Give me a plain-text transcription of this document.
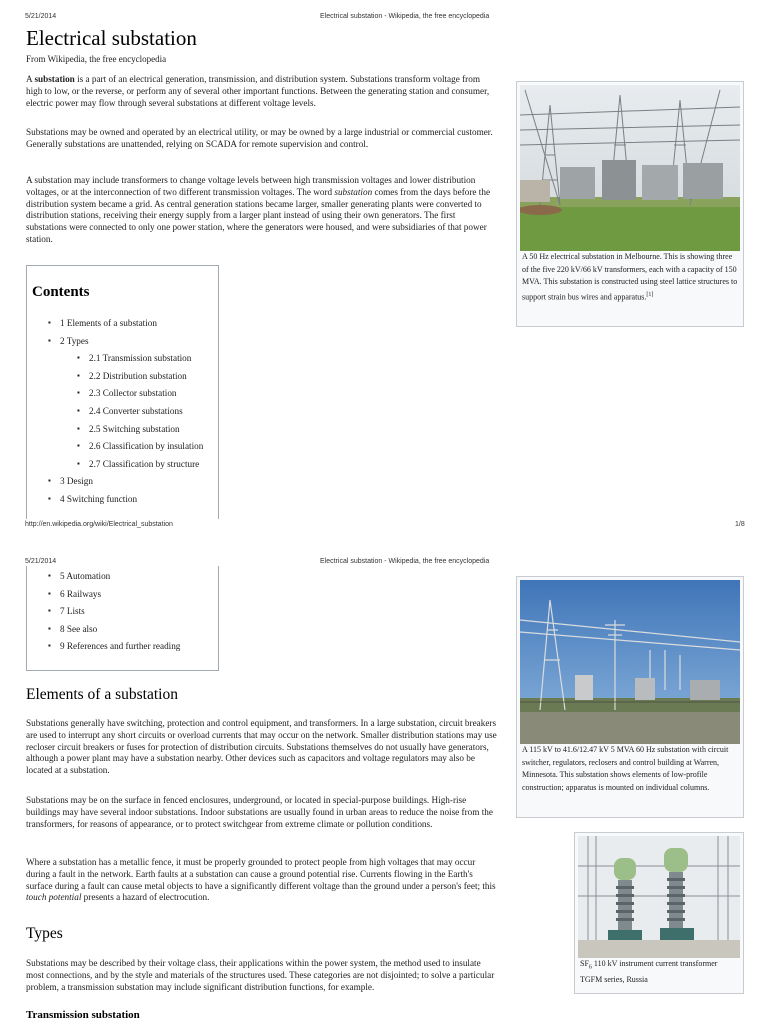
5/21/2014	Electrical substation - Wikipedia, the free encyclopedia
Electrical substation
From Wikipedia, the free encyclopedia

A substation is a part of an electrical generation, transmission, and distribution system. Substations transform voltage from high to low, or the reverse, or perform any of several other important functions. Between the generating station and consumer, electric power may flow through several substations at different voltage levels.

Substations may be owned and operated by an electrical utility, or may be owned by a large industrial or commercial customer. Generally substations are unattended, relying on SCADA for remote supervision and control.

A substation may include transformers to change voltage levels between high transmission voltages and lower distribution voltages, or at the interconnection of two different transmission voltages. The word substation comes from the days before the distribution system became a grid. As central generation stations became larger, smaller generating plants were converted to distribution stations, receiving their energy supply from a larger plant instead of using their own generators. The first substations were connected to only one power station, where the generators were housed, and were subsidiaries of that power station.

A 50 Hz electrical substation in Melbourne. This is showing three of the five 220 kV/66 kV transformers, each with a capacity of 150 MVA. This substation is constructed using steel lattice structures to support strain bus wires and apparatus.[1]
Contents
▪ 1 Elements of a substation
▪ 2 Types
▪ 2.1 Transmission substation
▪ 2.2 Distribution substation
▪ 2.3 Collector substation
▪ 2.4 Converter substations
▪ 2.5 Switching substation
▪ 2.6 Classification by insulation
▪ 2.7 Classification by structure
▪ 3 Design
▪ 4 Switching function
http://en.wikipedia.org/wiki/Electrical_substation	1/8
5/21/2014	Electrical substation - Wikipedia, the free encyclopedia
▪ 5 Automation
▪ 6 Railways
▪ 7 Lists
▪ 8 See also
▪ 9 References and further reading
Elements of a substation

Substations generally have switching, protection and control equipment, and transformers. In a large substation, circuit breakers are used to interrupt any short circuits or overload currents that may occur on the network. Smaller distribution stations may use recloser circuit breakers or fuses for protection of distribution circuits. Substations themselves do not usually have generators, although a power plant may have a substation nearby. Other devices such as capacitors and voltage regulators may also be located at a substation.

Substations may be on the surface in fenced enclosures, underground, or located in special-purpose buildings. High-rise buildings may have several indoor substations. Indoor substations are usually found in urban areas to reduce the noise from the transformers, for reasons of appearance, or to protect switchgear from extreme climate or pollution conditions.

Where a substation has a metallic fence, it must be properly grounded to protect people from high voltages that may occur during a fault in the network. Earth faults at a substation can cause a ground potential rise. Currents flowing in the Earth's surface during a fault can cause metal objects to have a significantly different voltage than the ground under a person's feet; this touch potential presents a hazard of electrocution.

Types

Substations may be described by their voltage class, their applications within the power system, the method used to insulate most connections, and by the style and materials of the structures used. These categories are not disjointed; to solve a particular problem, a transmission substation may include significant distribution functions, for example.

Transmission substation
A 115 kV to 41.6/12.47 kV 5 MVA 60 Hz substation with circuit switcher, regulators, reclosers and control building at Warren, Minnesota. This substation shows elements of low-profile construction; apparatus is mounted on individual columns.
$SF_6$ 110 kV instrument current transformer TGFM series, Russia
